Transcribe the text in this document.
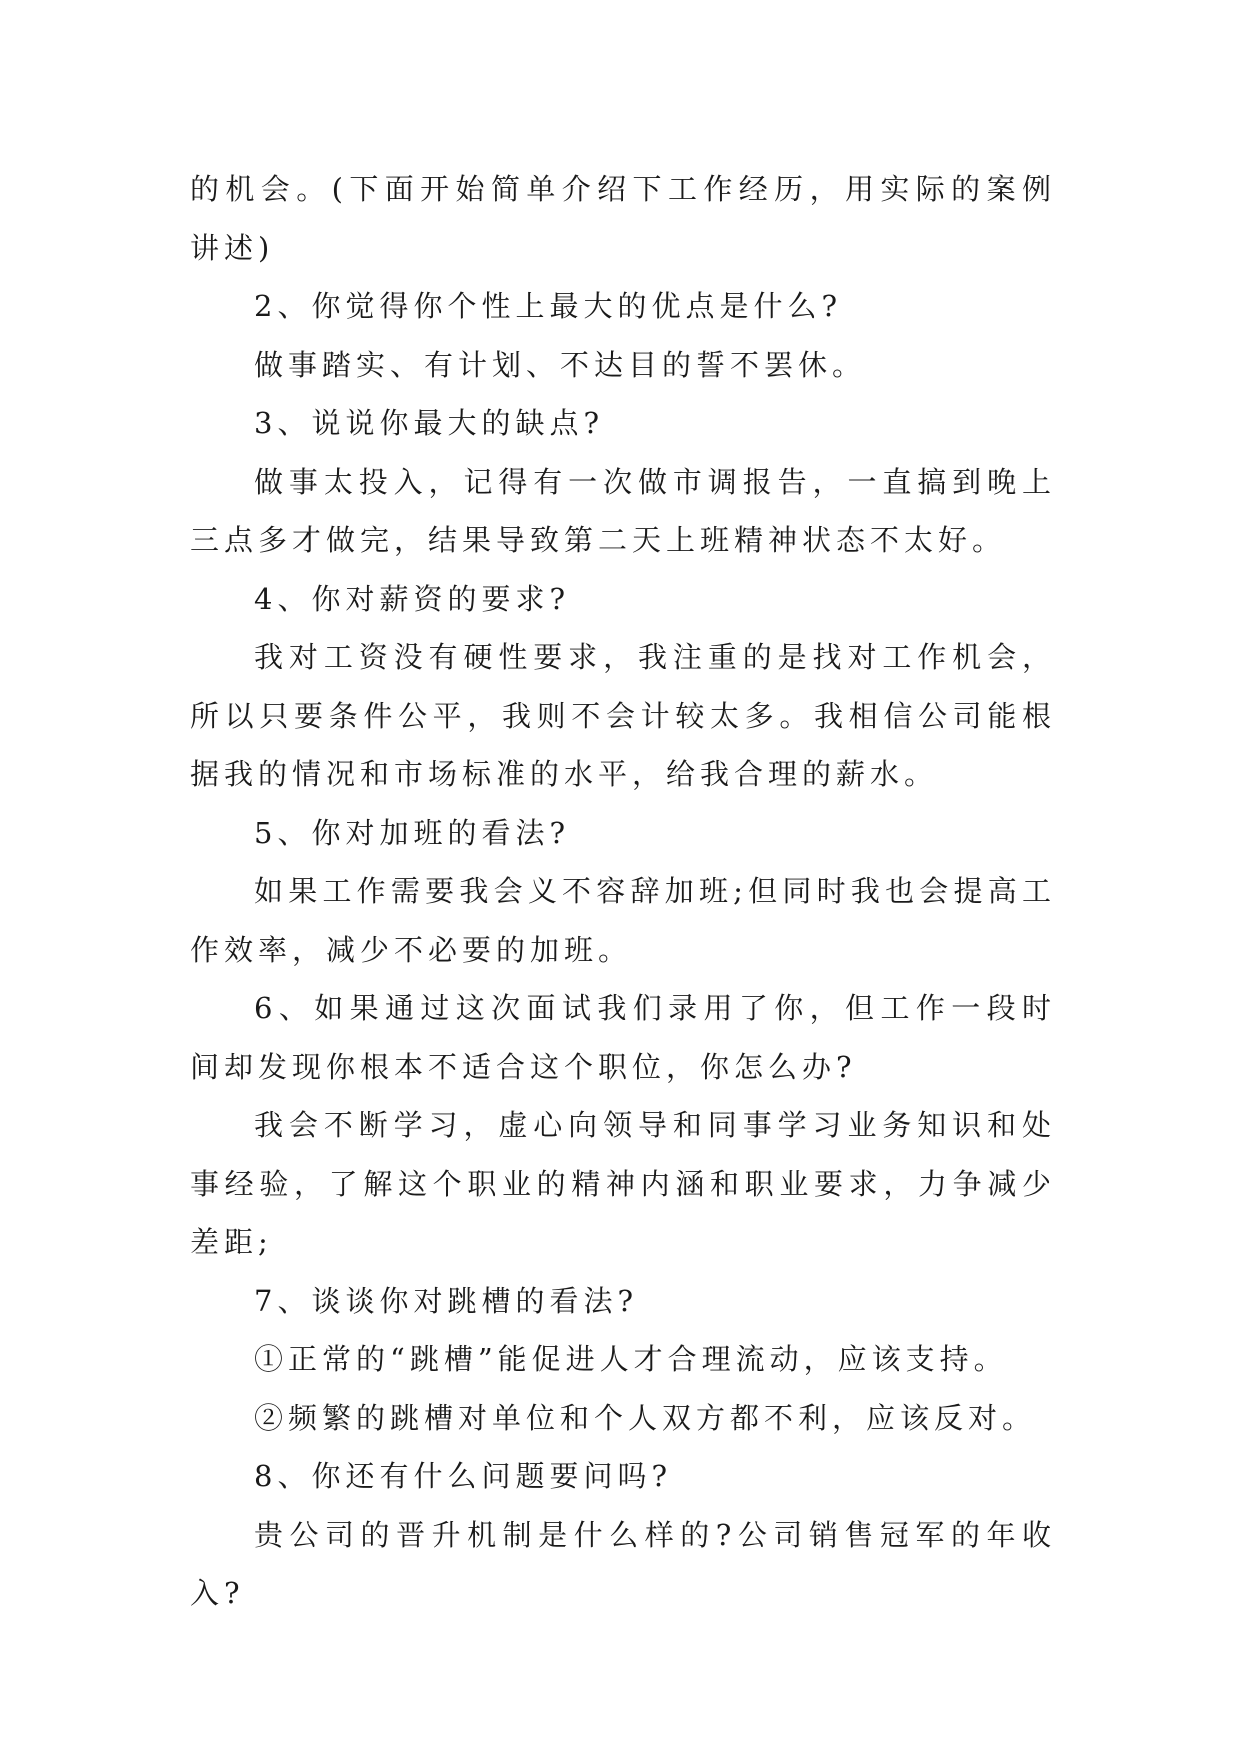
的机会。(下面开始简单介绍下工作经历，用实际的案例讲述)

2、你觉得你个性上最大的优点是什么?

做事踏实、有计划、不达目的誓不罢休。

3、说说你最大的缺点?

做事太投入，记得有一次做市调报告，一直搞到晚上三点多才做完，结果导致第二天上班精神状态不太好。

4、你对薪资的要求?

我对工资没有硬性要求，我注重的是找对工作机会，所以只要条件公平，我则不会计较太多。我相信公司能根据我的情况和市场标准的水平，给我合理的薪水。

5、你对加班的看法?

如果工作需要我会义不容辞加班;但同时我也会提高工作效率，减少不必要的加班。

6、如果通过这次面试我们录用了你，但工作一段时间却发现你根本不适合这个职位，你怎么办?

我会不断学习，虚心向领导和同事学习业务知识和处事经验，了解这个职业的精神内涵和职业要求，力争减少差距;

7、谈谈你对跳槽的看法?

①正常的“跳槽”能促进人才合理流动，应该支持。

②频繁的跳槽对单位和个人双方都不利，应该反对。

8、你还有什么问题要问吗?

贵公司的晋升机制是什么样的?公司销售冠军的年收入?
